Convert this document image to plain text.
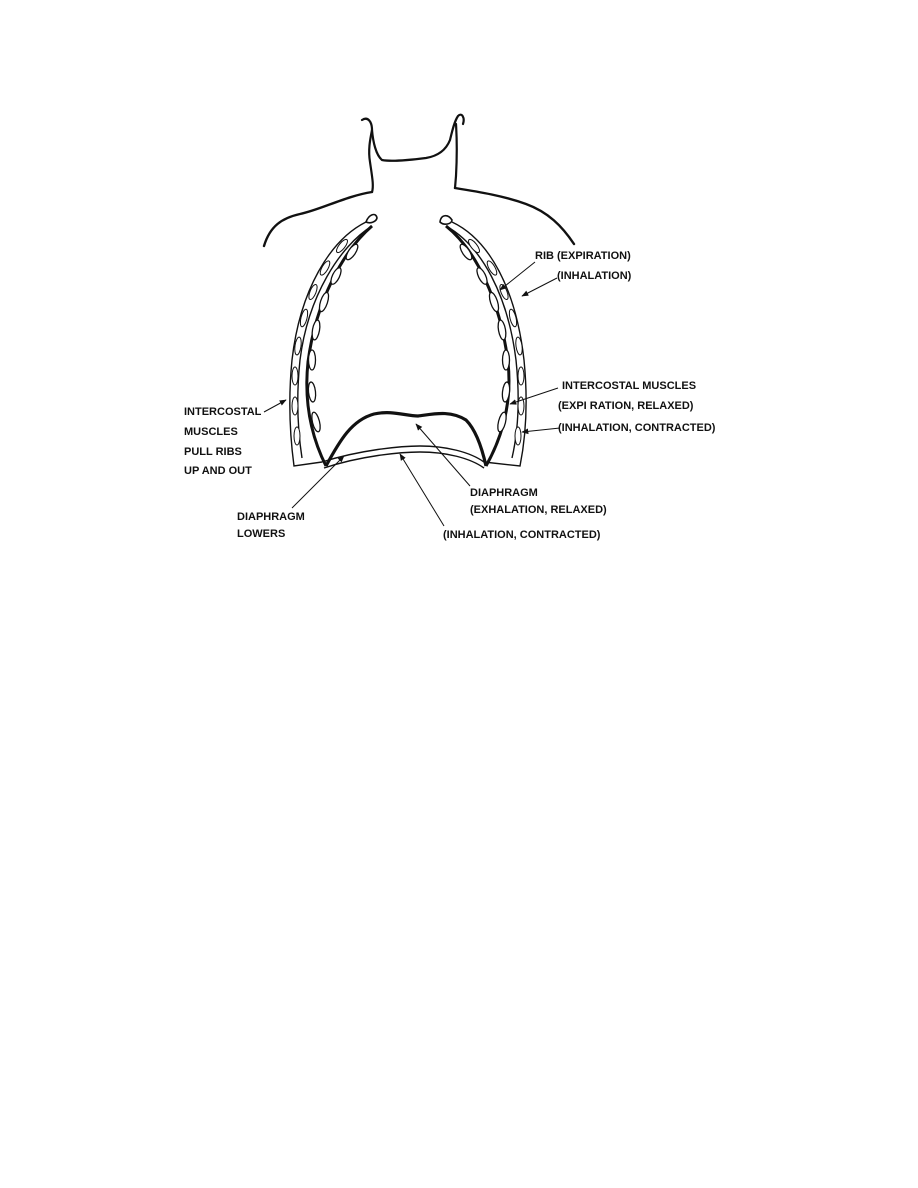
RIB (EXPIRATION)
(INHALATION)
INTERCOSTAL MUSCLES
(EXPI RATION, RELAXED)
(INHALATION, CONTRACTED)
INTERCOSTAL
MUSCLES
PULL RIBS
UP AND OUT
DIAPHRAGM
LOWERS
DIAPHRAGM
(EXHALATION, RELAXED)
(INHALATION, CONTRACTED)
